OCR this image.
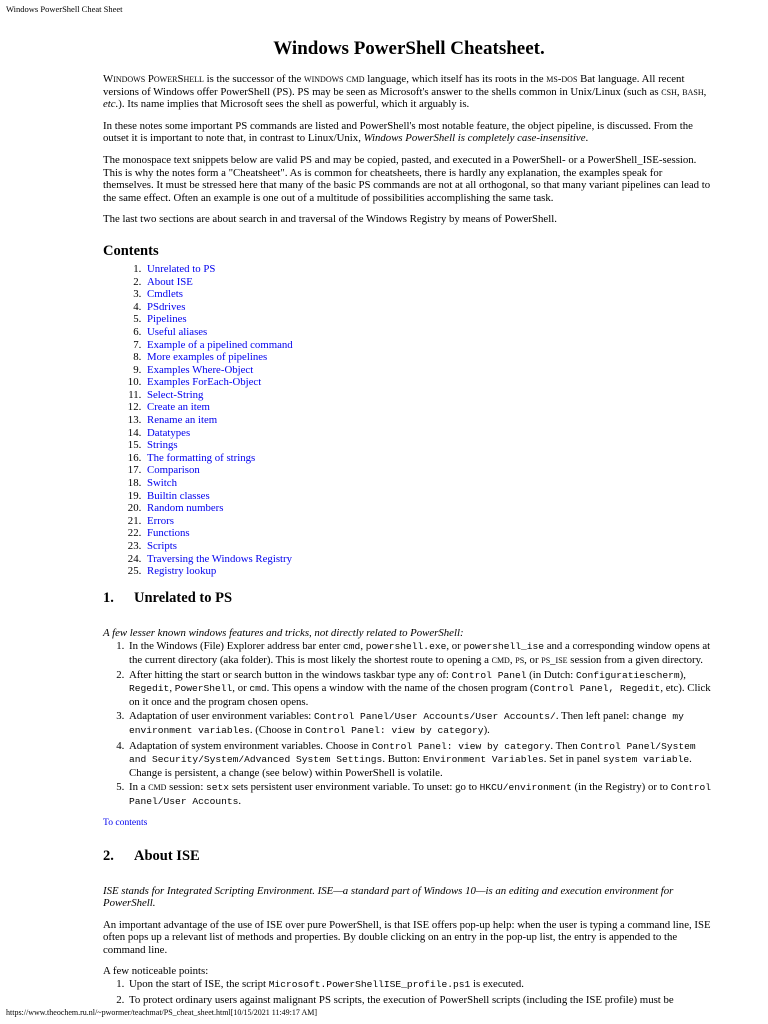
Windows PowerShell Cheat Sheet
Windows PowerShell Cheatsheet.

Windows PowerShell is the successor of the windows cmd language, which itself has its roots in the ms-dos Bat language. All recent versions of Windows offer PowerShell (PS). PS may be seen as Microsoft's answer to the shells common in Unix/Linux (such as csh, bash, etc.). Its name implies that Microsoft sees the shell as powerful, which it arguably is.

In these notes some important PS commands are listed and PowerShell's most notable feature, the object pipeline, is discussed. From the outset it is important to note that, in contrast to Linux/Unix, Windows PowerShell is completely case-insensitive.

The monospace text snippets below are valid PS and may be copied, pasted, and executed in a PowerShell- or a PowerShell_ISE-session. This is why the notes form a "Cheatsheet". As is common for cheatsheets, there is hardly any explanation, the examples speak for themselves. It must be stressed here that many of the basic PS commands are not at all orthogonal, so that many variant pipelines can lead to the same effect. Often an example is one out of a multitude of possibilities accomplishing the same task.

The last two sections are about search in and traversal of the Windows Registry by means of PowerShell.

Contents
1. Unrelated to PS
2. About ISE
3. Cmdlets
4. PSdrives
5. Pipelines
6. Useful aliases
7. Example of a pipelined command
8. More examples of pipelines
9. Examples Where-Object
10. Examples ForEach-Object
11. Select-String
12. Create an item
13. Rename an item
14. Datatypes
15. Strings
16. The formatting of strings
17. Comparison
18. Switch
19. Builtin classes
20. Random numbers
21. Errors
22. Functions
23. Scripts
24. Traversing the Windows Registry
25. Registry lookup
1. Unrelated to PS

A few lesser known windows features and tricks, not directly related to PowerShell:

1. In the Windows (File) Explorer address bar enter cmd, powershell.exe, or powershell_ise and a corresponding window opens at the current directory (aka folder). This is most likely the shortest route to opening a cmd, ps, or ps_ise session from a given directory.
2. After hitting the start or search button in the windows taskbar type any of: Control Panel (in Dutch: Configuratiescherm), Regedit, PowerShell, or cmd. This opens a window with the name of the chosen program (Control Panel, Regedit, etc). Click on it once and the program chosen opens.
3. Adaptation of user environment variables: Control Panel/User Accounts/User Accounts/. Then left panel: change my environment variables. (Choose in Control Panel: view by category).
4. Adaptation of system environment variables. Choose in Control Panel: view by category. Then Control Panel/System and Security/System/Advanced System Settings. Button: Environment Variables. Set in panel system variable. Change is persistent, a change (see below) within PowerShell is volatile.
5. In a cmd session: setx sets persistent user environment variable. To unset: go to HKCU/environment (in the Registry) or to Control Panel/User Accounts.
To contents
2. About ISE

ISE stands for Integrated Scripting Environment. ISE—a standard part of Windows 10—is an editing and execution environment for PowerShell.

An important advantage of the use of ISE over pure PowerShell, is that ISE offers pop-up help: when the user is typing a command line, ISE often pops up a relevant list of methods and properties. By double clicking on an entry in the pop-up list, the entry is appended to the command line.

A few noticeable points:

1. Upon the start of ISE, the script Microsoft.PowerShellISE_profile.ps1 is executed.
2. To protect ordinary users against malignant PS scripts, the execution of PowerShell scripts (including the ISE profile) must be
https://www.theochem.ru.nl/~pwormer/teachmat/PS_cheat_sheet.html[10/15/2021 11:49:17 AM]
